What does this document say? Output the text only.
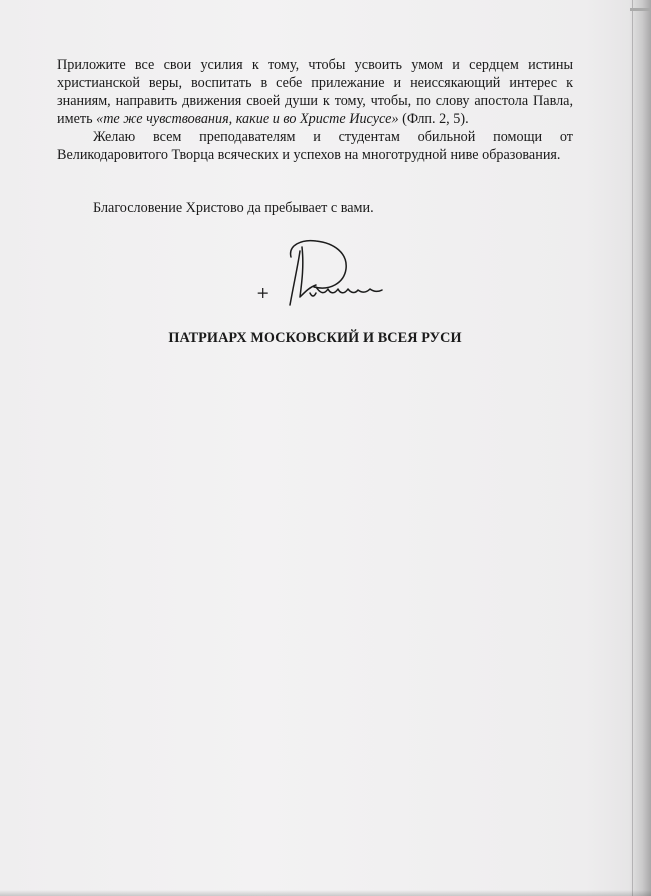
Приложите все свои усилия к тому, чтобы усвоить умом и сердцем истины христианской веры, воспитать в себе прилежание и неиссякающий интерес к знаниям, направить движения своей души к тому, чтобы, по слову апостола Павла, иметь «те же чувствования, какие и во Христе Иисусе» (Флп. 2, 5).

Желаю всем преподавателям и студентам обильной помощи от Великодаровитого Творца всяческих и успехов на многотрудной ниве образования.

Благословение Христово да пребывает с вами.

+
ПАТРИАРХ МОСКОВСКИЙ И ВСЕЯ РУСИ
